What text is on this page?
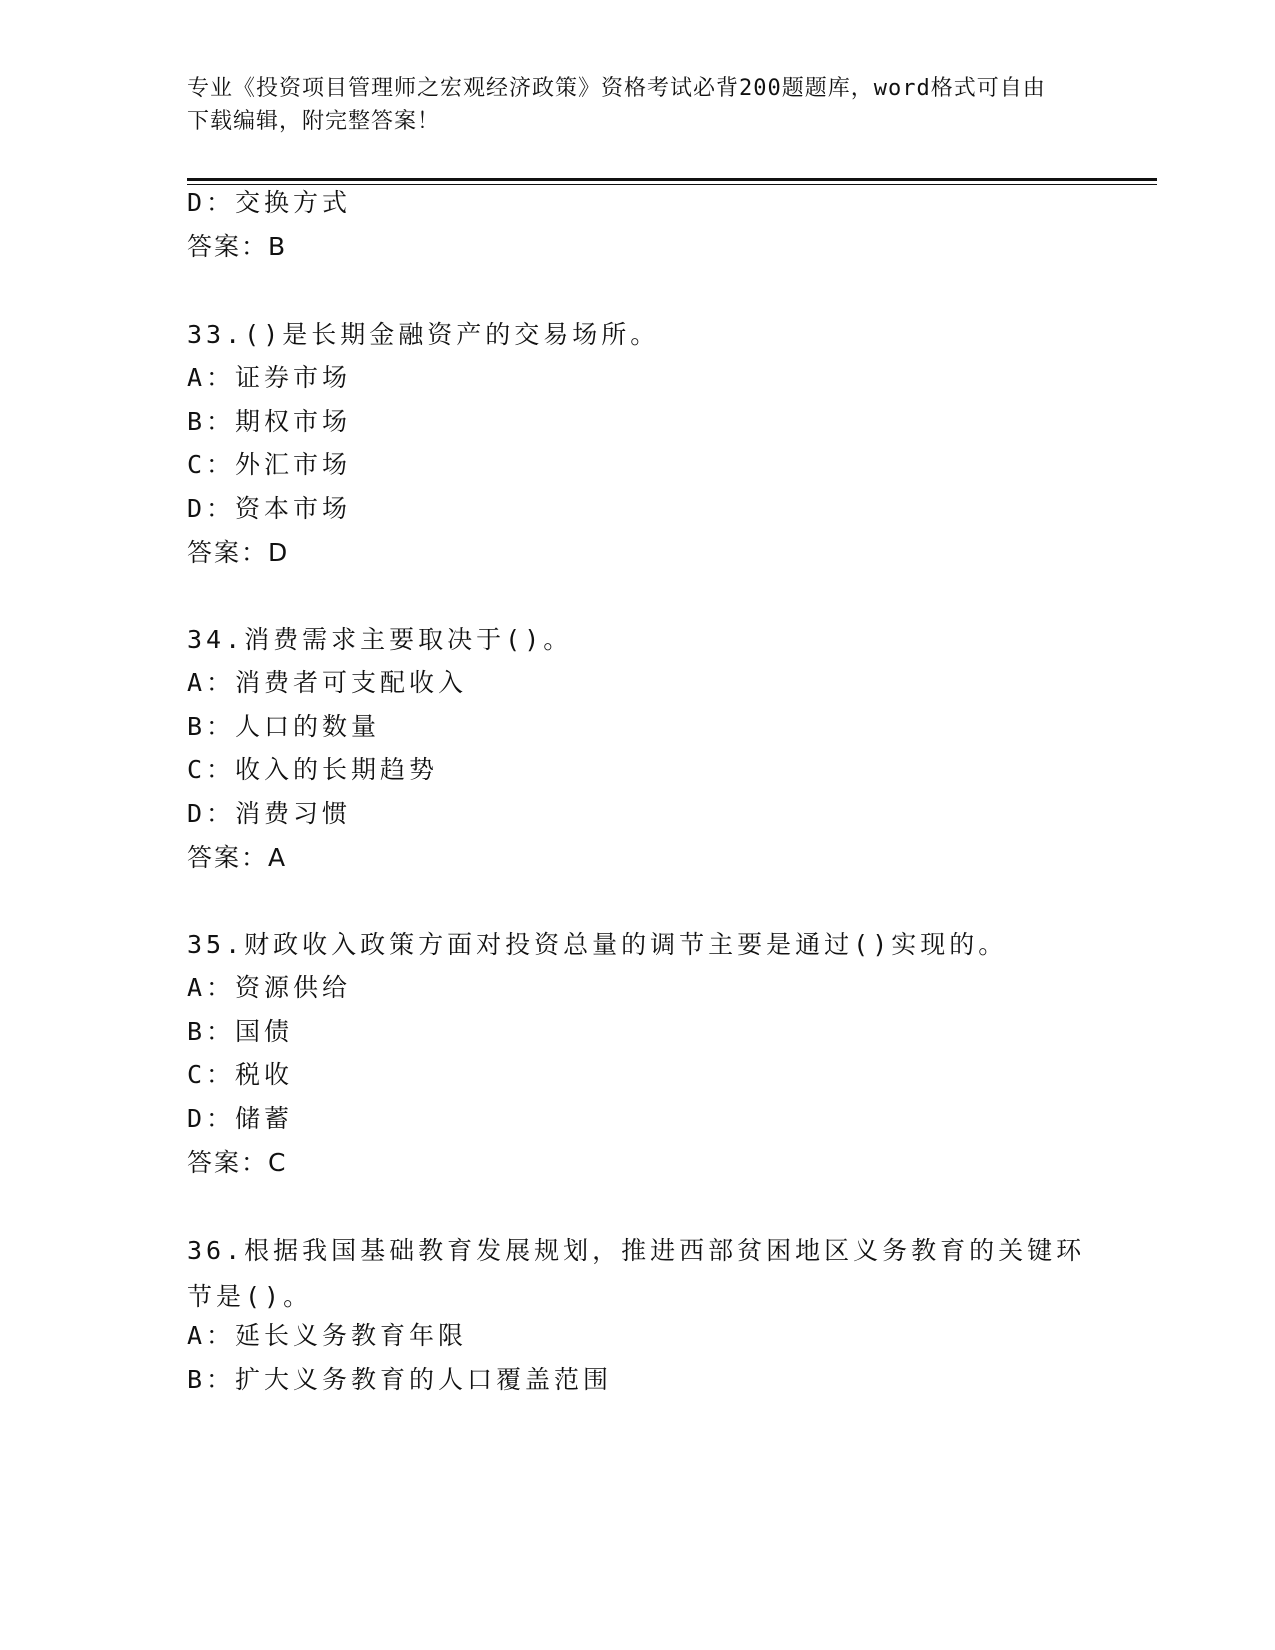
专业《投资项目管理师之宏观经济政策》资格考试必背200题题库，word格式可自由下载编辑，附完整答案！
D：交换方式
答案：B
33.()是长期金融资产的交易场所。
A：证券市场
B：期权市场
C：外汇市场
D：资本市场
答案：D
34.消费需求主要取决于()。
A：消费者可支配收入
B：人口的数量
C：收入的长期趋势
D：消费习惯
答案：A
35.财政收入政策方面对投资总量的调节主要是通过()实现的。
A：资源供给
B：国债
C：税收
D：储蓄
答案：C
36.根据我国基础教育发展规划，推进西部贫困地区义务教育的关键环节是()。
A：延长义务教育年限
B：扩大义务教育的人口覆盖范围
